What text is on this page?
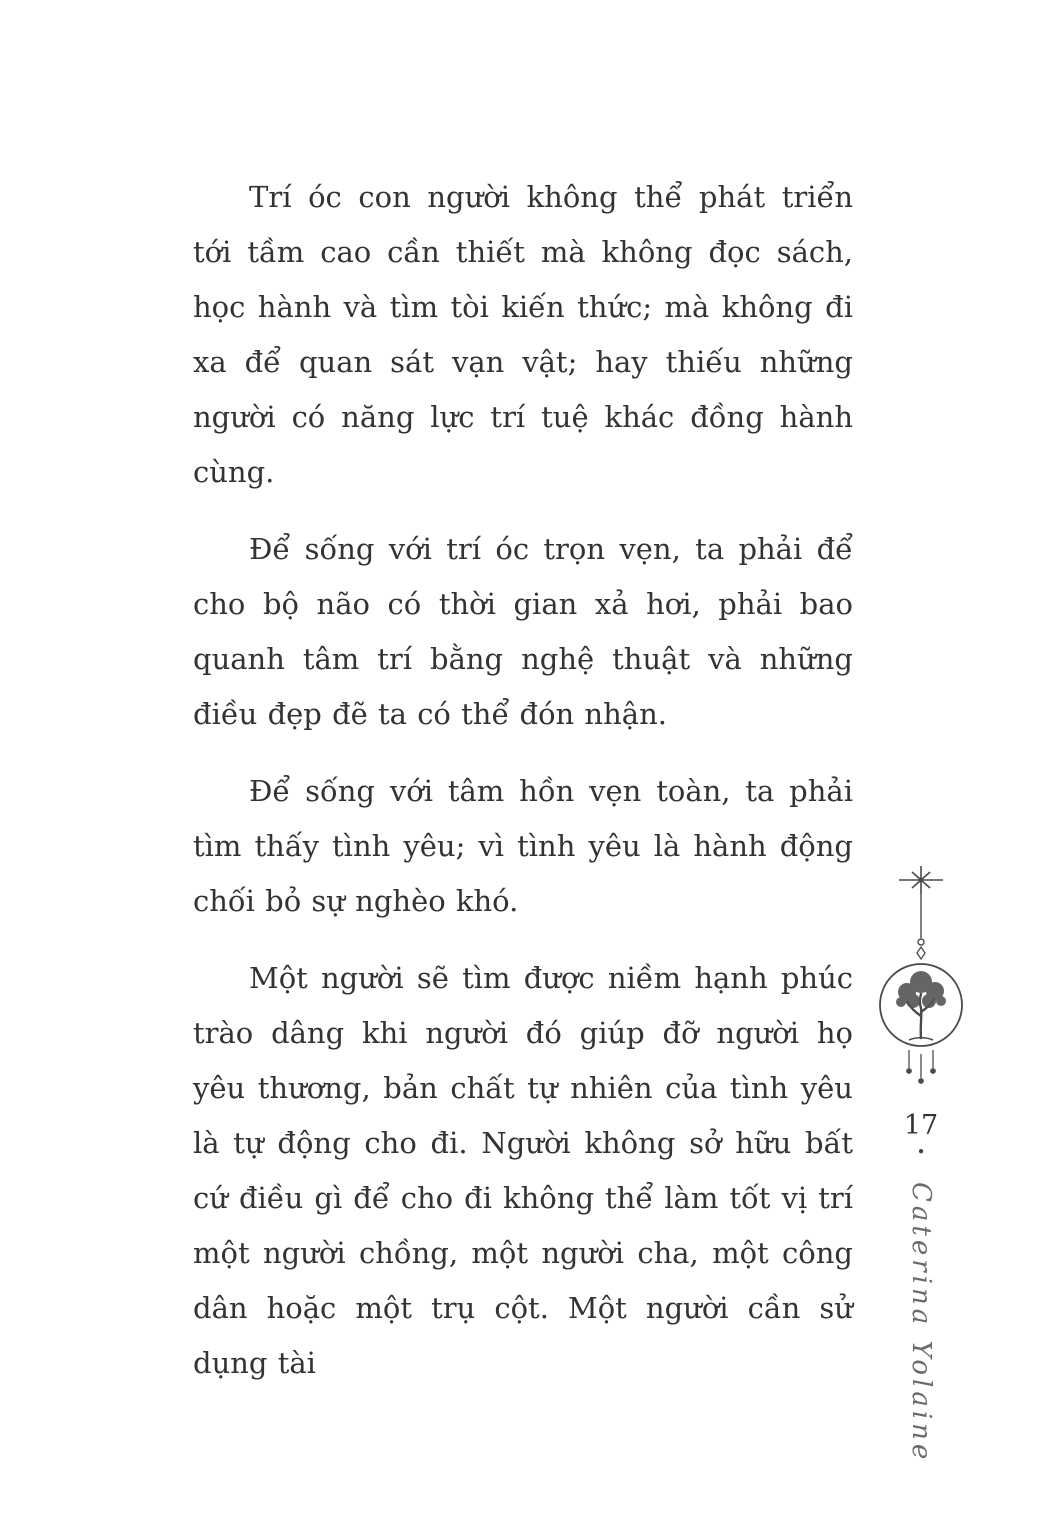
Trí óc con người không thể phát triển tới tầm cao cần thiết mà không đọc sách, học hành và tìm tòi kiến thức; mà không đi xa để quan sát vạn vật; hay thiếu những người có năng lực trí tuệ khác đồng hành cùng.

Để sống với trí óc trọn vẹn, ta phải để cho bộ não có thời gian xả hơi, phải bao quanh tâm trí bằng nghệ thuật và những điều đẹp đẽ ta có thể đón nhận.

Để sống với tâm hồn vẹn toàn, ta phải tìm thấy tình yêu; vì tình yêu là hành động chối bỏ sự nghèo khó.

Một người sẽ tìm được niềm hạnh phúc trào dâng khi người đó giúp đỡ người họ yêu thương, bản chất tự nhiên của tình yêu là tự động cho đi. Người không sở hữu bất cứ điều gì để cho đi không thể làm tốt vị trí một người chồng, một người cha, một công dân hoặc một trụ cột. Một người cần sử dụng tài

17
•
Caterina Yolaine
